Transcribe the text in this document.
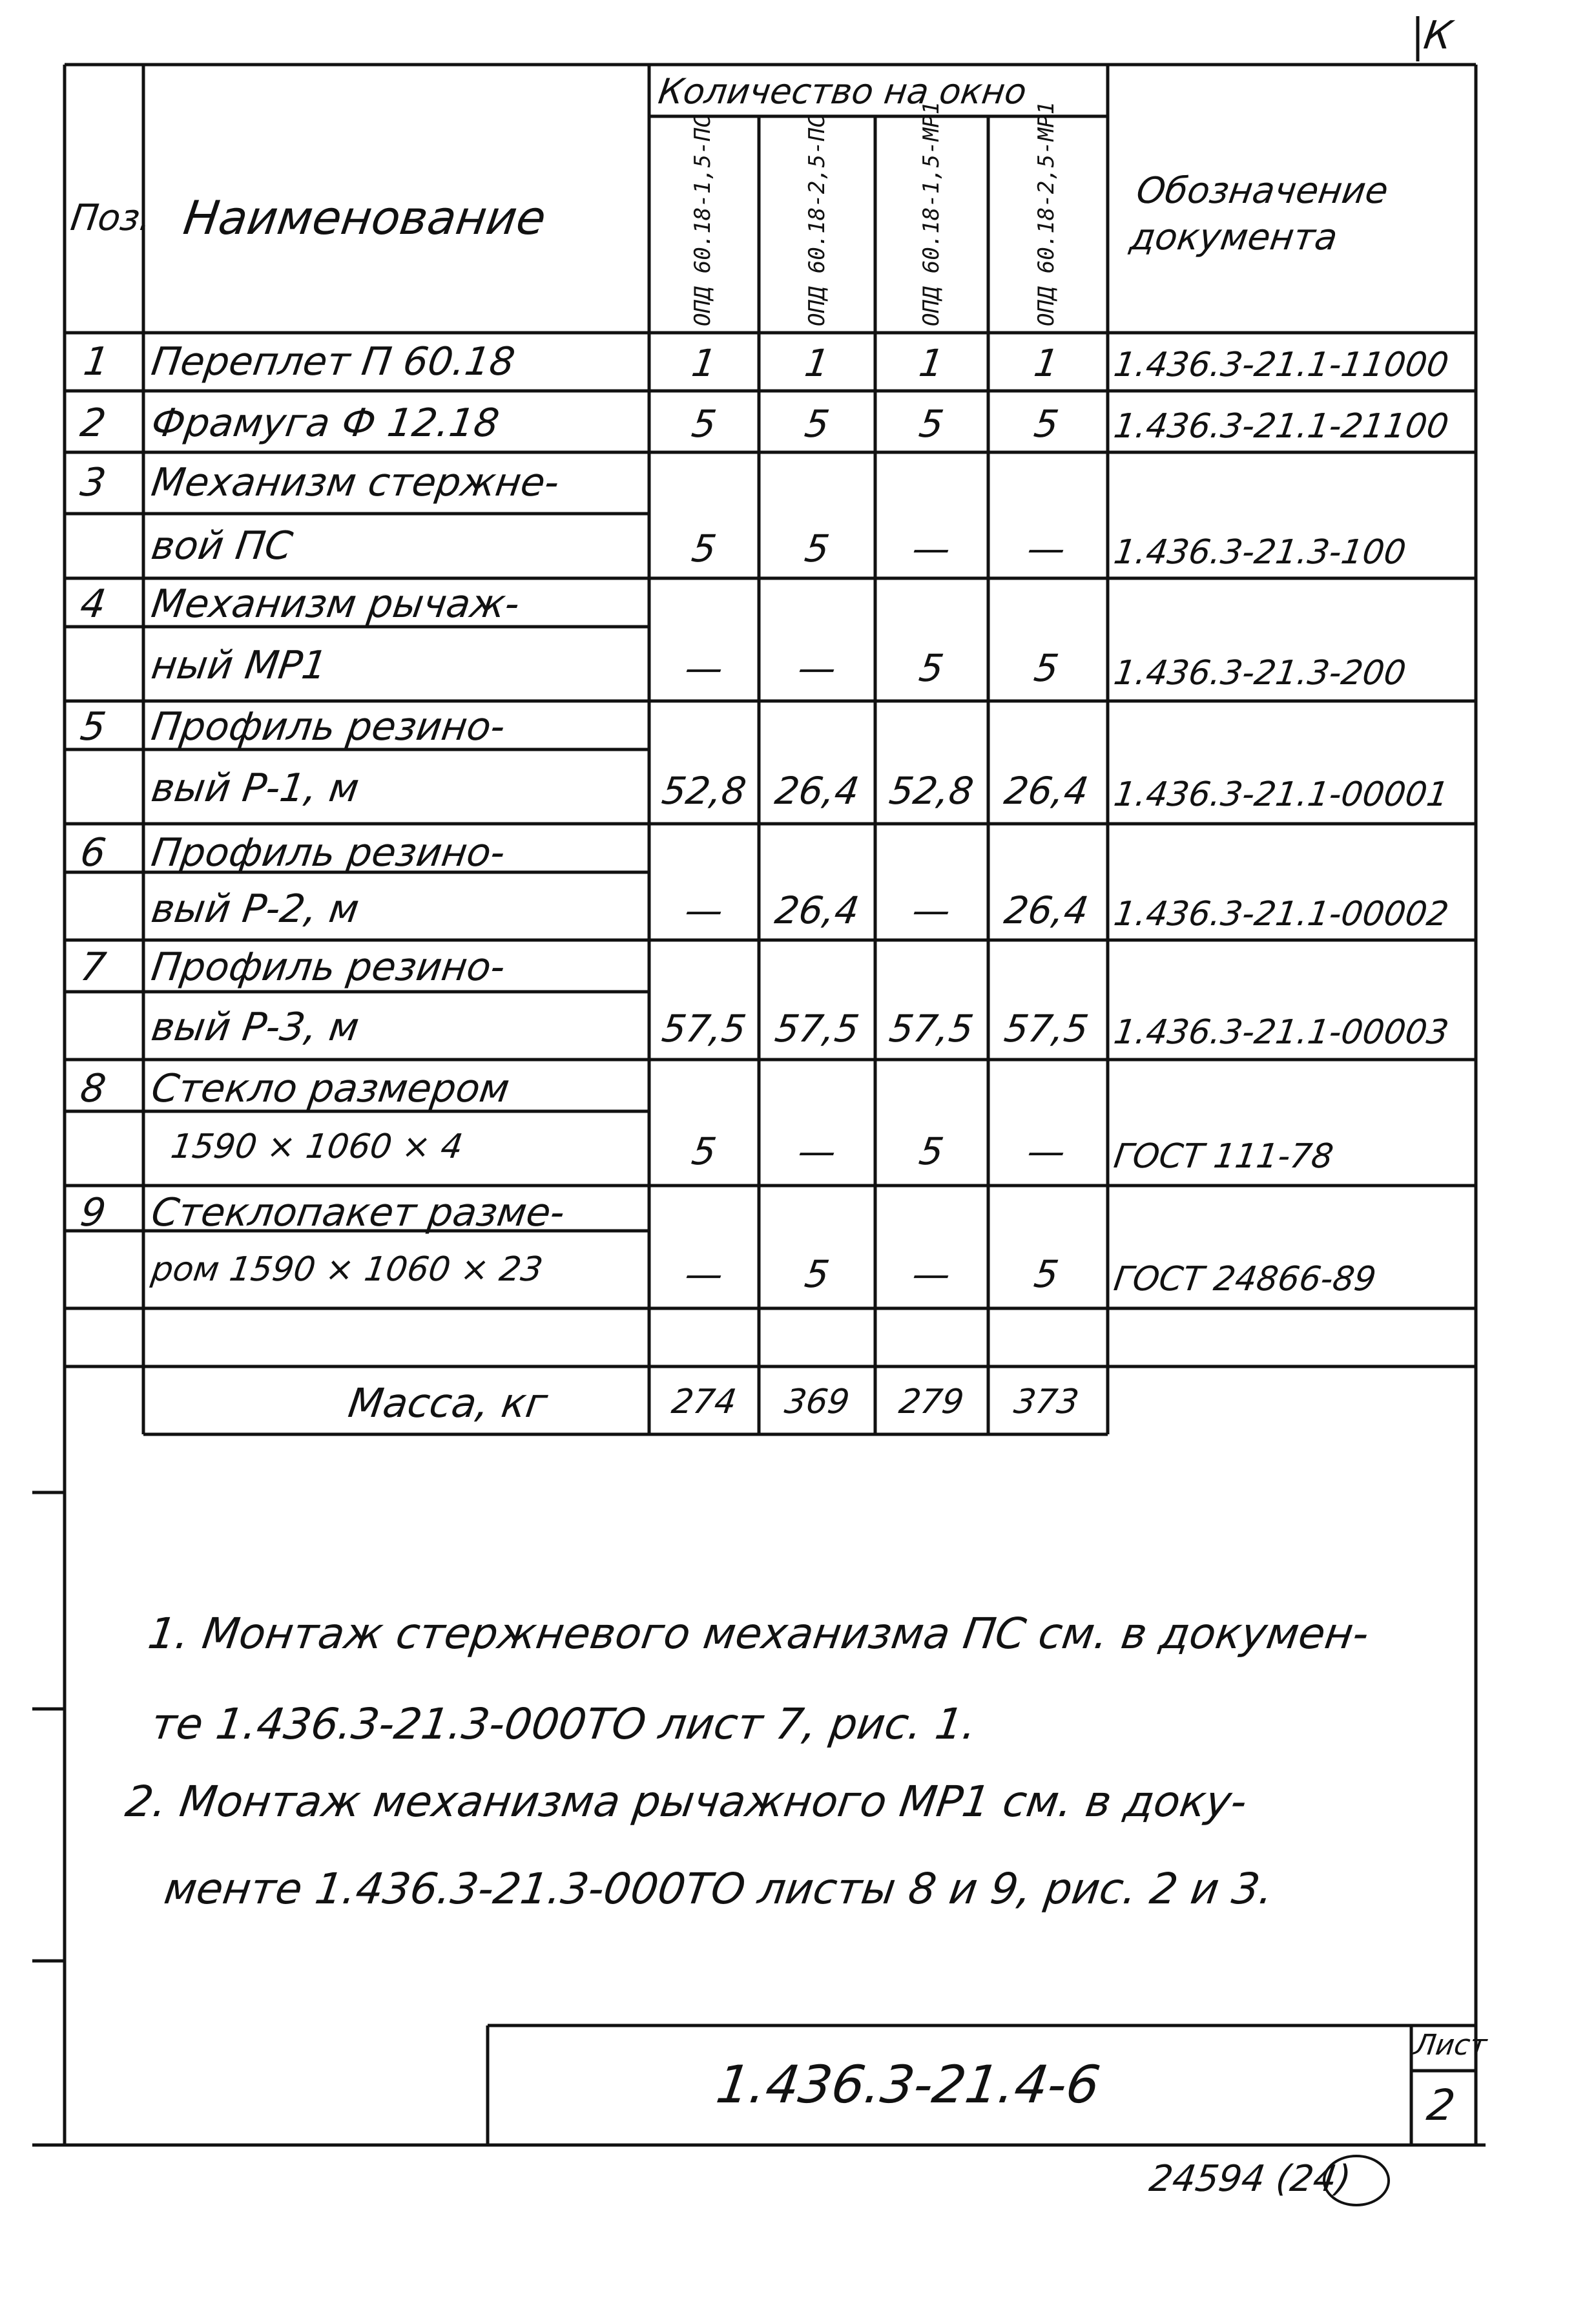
К
Поз. Наименование
Количество на окно
Обозначение документа
ОПД 60.18-1,5-ПС	ОПД 60.18-2,5-ПС	ОПД 60.18-1,5-МР1	ОПД 60.18-2,5-МР1
1 Переплет П 60.18	1	1	1	1	1.436.3-21.1-11000
2 Фрамуга Ф 12.18	5	5	5	5	1.436.3-21.1-21100
3 Механизм стержне-
вой ПС	5	5	—	—	1.436.3-21.3-100
4 Механизм рычаж-
ный МР1	—	—	5	5	1.436.3-21.3-200
5 Профиль резино-
вый Р-1, м	52,8 26,4 52,8 26,4 1.436.3-21.1-00001
6 Профиль резино-
вый Р-2, м	—	26,4	—	26,4 1.436.3-21.1-00002
7 Профиль резино-
вый Р-3, м	57,5 57,5 57,5 57,5 1.436.3-21.1-00003
8 Стекло размером
1590 × 1060 × 4	5	—	5	—	ГОСТ 111-78
9 Стеклопакет разме-
ром 1590 × 1060 × 23	—	5	—	5	ГОСТ 24866-89
Масса, кг	274	369	279	373
1. Монтаж стержневого механизма ПС см. в докумен-
те 1.436.3-21.3-000ТО лист 7, рис. 1.
2. Монтаж механизма рычажного МР1 см. в доку-
менте 1.436.3-21.3-000ТО листы 8 и 9, рис. 2 и 3.
1.436.3-21.4-6
Лист
2
24594 (24)
